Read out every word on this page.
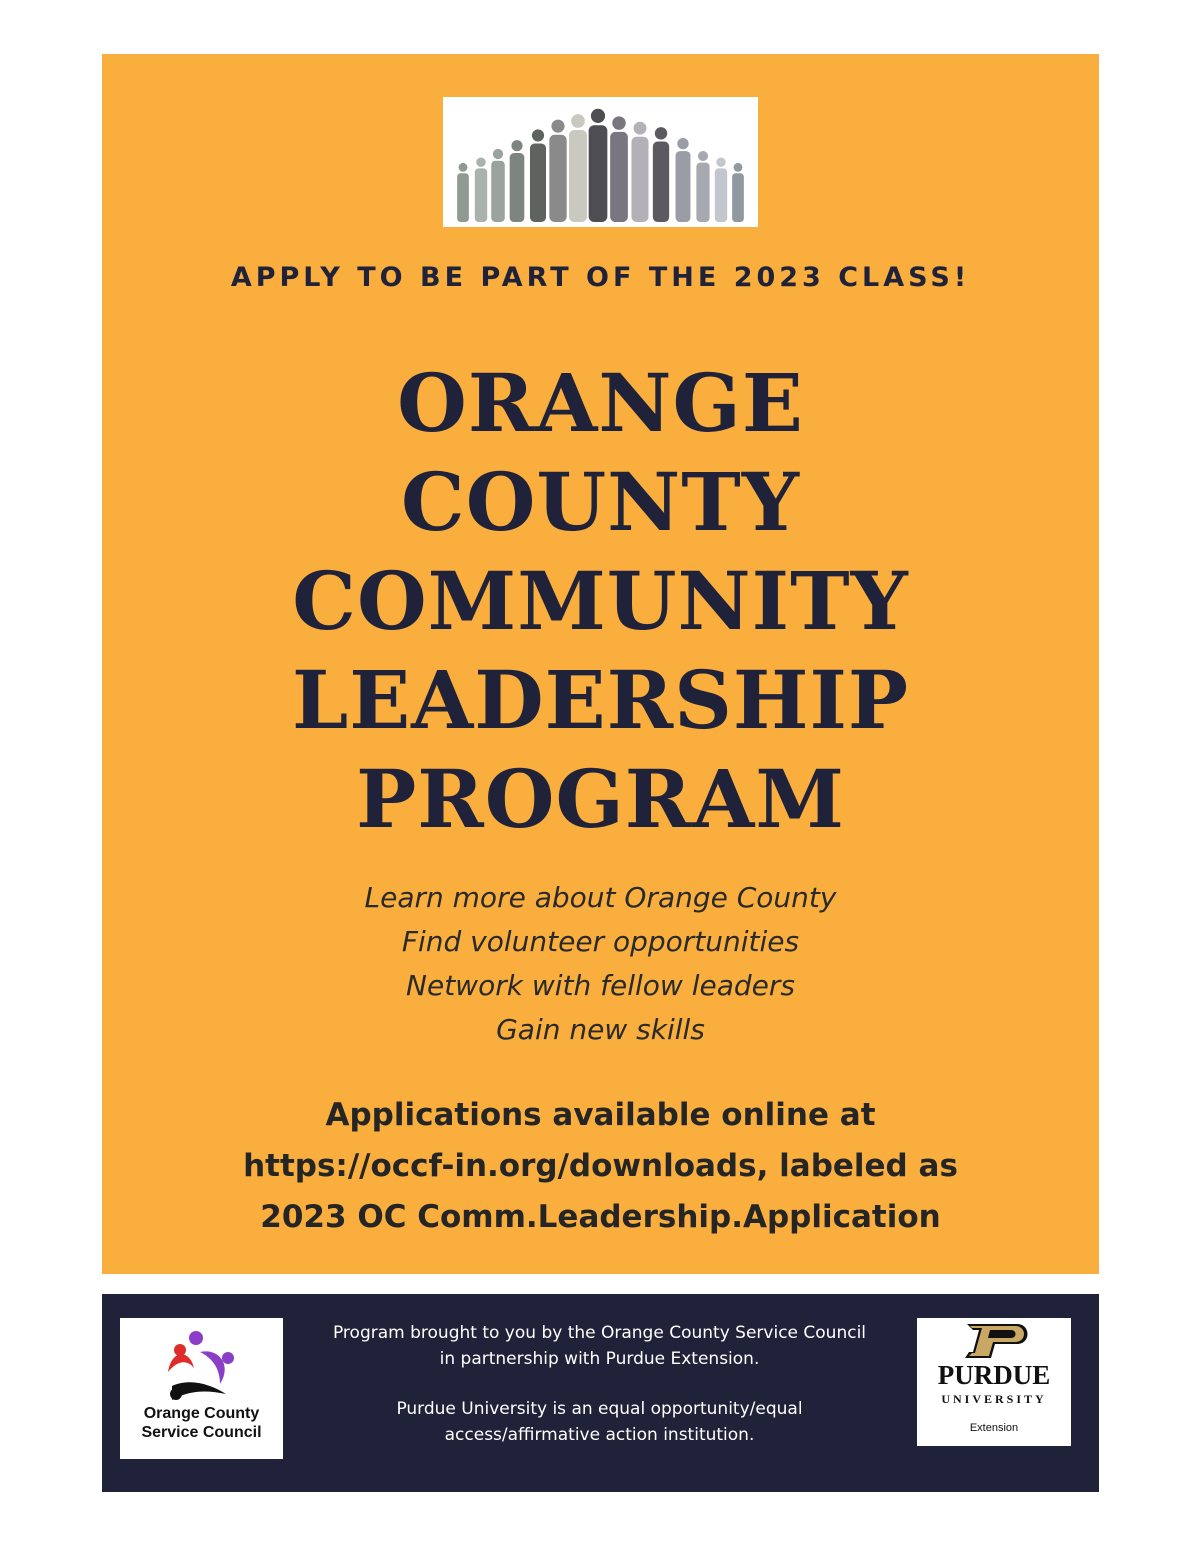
APPLY TO BE PART OF THE 2023 CLASS!
ORANGE
COUNTY
COMMUNITY
LEADERSHIP
PROGRAM
Learn more about Orange County
Find volunteer opportunities
Network with fellow leaders
Gain new skills
Applications available online at
https://occf-in.org/downloads, labeled as
2023 OC Comm.Leadership.Application
Orange County
Service Council
Program brought to you by the Orange County Service Council
in partnership with Purdue Extension.
Purdue University is an equal opportunity/equal
access/affirmative action institution.
PURDUE
UNIVERSITY
Extension
